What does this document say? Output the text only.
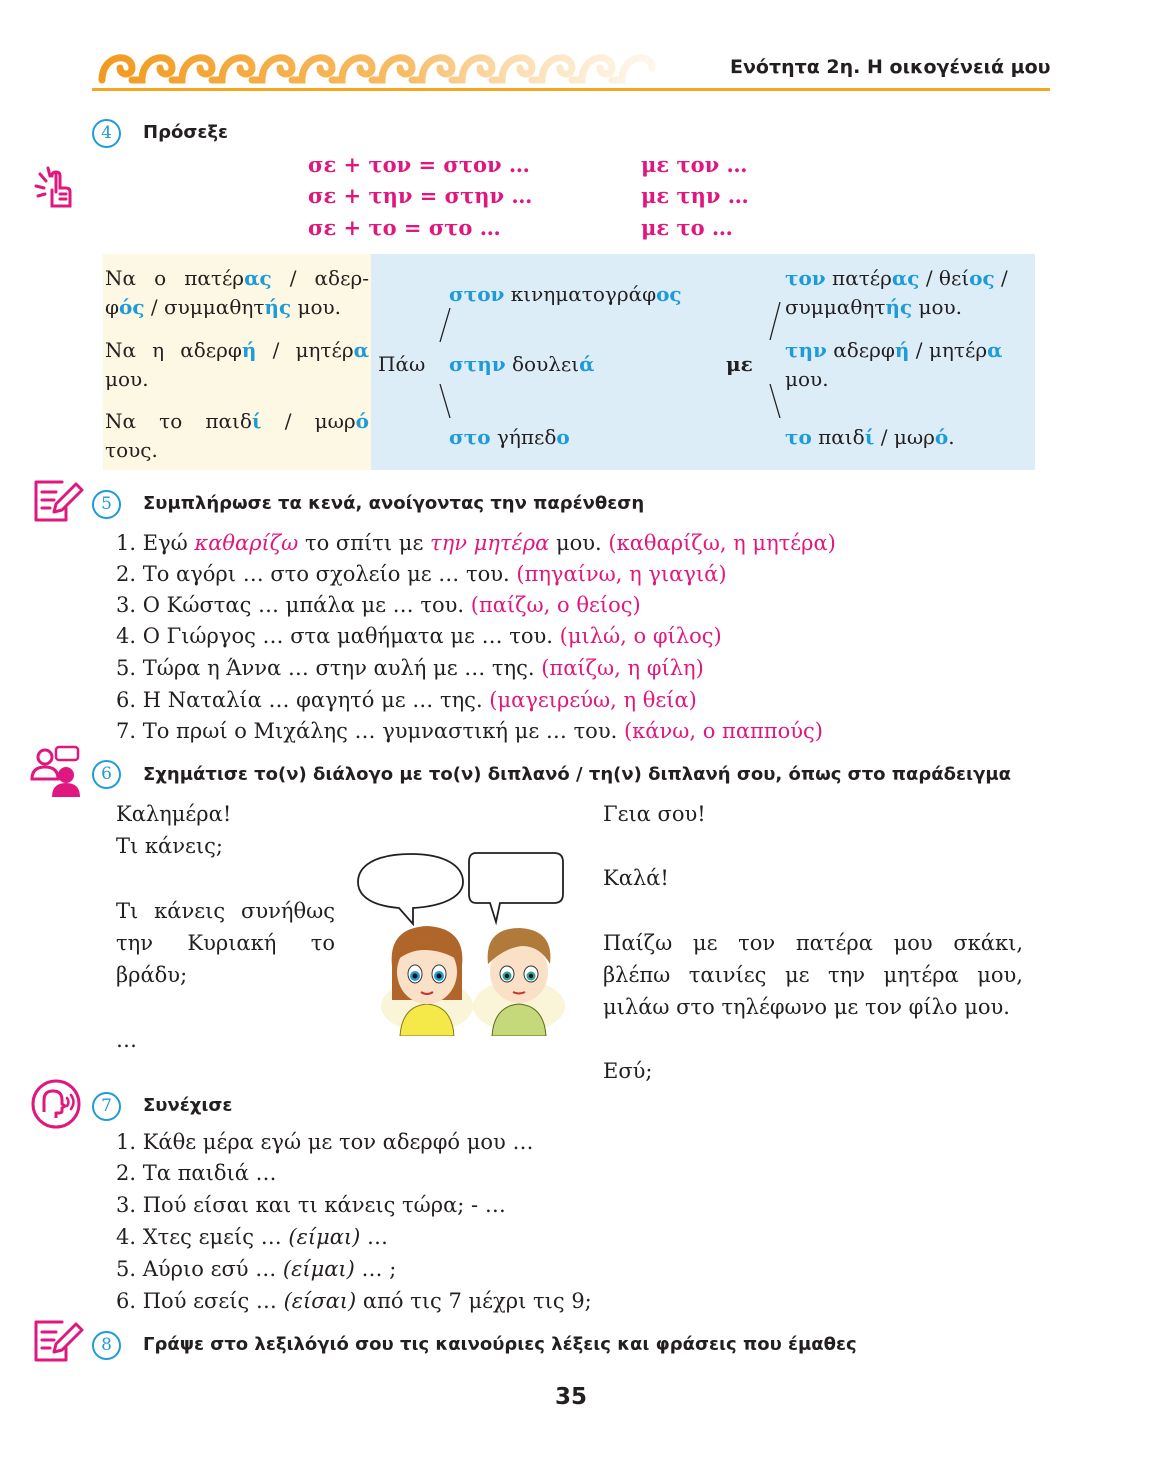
Ενότητα 2η. Η οικογένειά μου
4	Πρόσεξε
σε + τον = στον …	με τον …
σε + την = στην …	με την …
σε + το = στο …	με το …
Να ο πατέρας / αδερ-
φός / συμμαθητής μου.
Να η αδερφή / μητέρα
μου.
Να το παιδί / μωρό
τους.
Πάω
στον κινηματογράφος
στην δουλειά
στο γήπεδο
με
τον πατέρας / θείος /
συμμαθητής μου.
την αδερφή / μητέρα
μου.
το παιδί / μωρό.
5	Συμπλήρωσε τα κενά, ανοίγοντας την παρένθεση
1. Εγώ καθαρίζω το σπίτι με την μητέρα μου. (καθαρίζω, η μητέρα)
2. Το αγόρι … στο σχολείο με … του. (πηγαίνω, η γιαγιά)
3. Ο Κώστας … μπάλα με … του. (παίζω, ο θείος)
4. Ο Γιώργος … στα μαθήματα με … του. (μιλώ, ο φίλος)
5. Τώρα η Άννα … στην αυλή με … της. (παίζω, η φίλη)
6. Η Ναταλία … φαγητό με … της. (μαγειρεύω, η θεία)
7. Το πρωί ο Μιχάλης … γυμναστική με … του. (κάνω, ο παππούς)
6	Σχημάτισε το(ν) διάλογο με το(ν) διπλανό / τη(ν) διπλανή σου, όπως στο παράδειγμα
Καλημέρα!
Τι κάνεις;
Τι κάνεις συνήθως την Κυριακή το βράδυ;
…
Γεια σου!
Καλά!
Παίζω με τον πατέρα μου σκάκι, βλέπω ταινίες με την μητέρα μου, μιλάω στο τηλέφωνο με τον φίλο μου.
Εσύ;
7	Συνέχισε
1. Κάθε μέρα εγώ με τον αδερφό μου …
2. Τα παιδιά …
3. Πού είσαι και τι κάνεις τώρα; - …
4. Χτες εμείς … (είμαι) …
5. Αύριο εσύ … (είμαι) … ;
6. Πού εσείς … (είσαι) από τις 7 μέχρι τις 9;
8	Γράψε στο λεξιλόγιό σου τις καινούριες λέξεις και φράσεις που έμαθες
35
